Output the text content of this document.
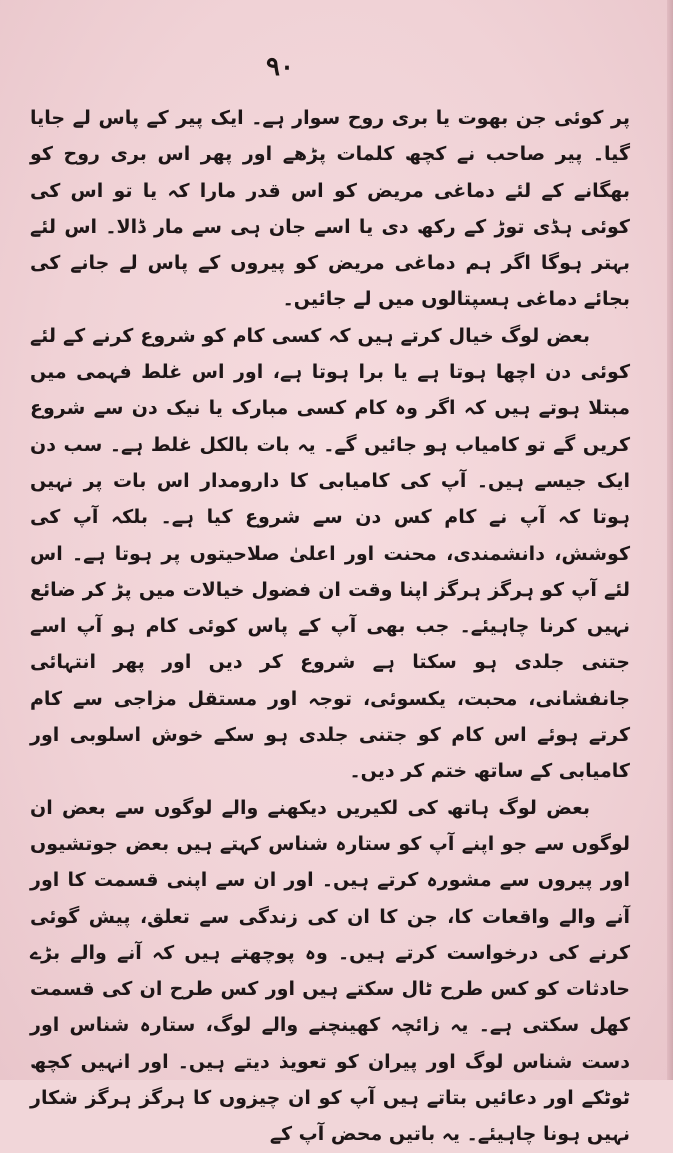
۹۰

پر کوئی جن بھوت یا بری روح سوار ہے۔ ایک پیر کے پاس لے جایا گیا۔ پیر صاحب نے کچھ کلمات پڑھے اور پھر اس بری روح کو بھگانے کے لئے دماغی مریض کو اس قدر مارا کہ یا تو اس کی کوئی ہڈی توڑ کے رکھ دی یا اسے جان ہی سے مار ڈالا۔ اس لئے بہتر ہوگا اگر ہم دماغی مریض کو پیروں کے پاس لے جانے کی بجائے دماغی ہسپتالوں میں لے جائیں۔

بعض لوگ خیال کرتے ہیں کہ کسی کام کو شروع کرنے کے لئے کوئی دن اچھا ہوتا ہے یا برا ہوتا ہے، اور اس غلط فہمی میں مبتلا ہوتے ہیں کہ اگر وہ کام کسی مبارک یا نیک دن سے شروع کریں گے تو کامیاب ہو جائیں گے۔ یہ بات بالکل غلط ہے۔ سب دن ایک جیسے ہیں۔ آپ کی کامیابی کا دارومدار اس بات پر نہیں ہوتا کہ آپ نے کام کس دن سے شروع کیا ہے۔ بلکہ آپ کی کوشش، دانشمندی، محنت اور اعلیٰ صلاحیتوں پر ہوتا ہے۔ اس لئے آپ کو ہرگز ہرگز اپنا وقت ان فضول خیالات میں پڑ کر ضائع نہیں کرنا چاہیئے۔ جب بھی آپ کے پاس کوئی کام ہو آپ اسے جتنی جلدی ہو سکتا ہے شروع کر دیں اور پھر انتہائی جانفشانی، محبت، یکسوئی، توجہ اور مستقل مزاجی سے کام کرتے ہوئے اس کام کو جتنی جلدی ہو سکے خوش اسلوبی اور کامیابی کے ساتھ ختم کر دیں۔

بعض لوگ ہاتھ کی لکیریں دیکھنے والے لوگوں سے بعض ان لوگوں سے جو اپنے آپ کو ستارہ شناس کہتے ہیں بعض جوتشیوں اور پیروں سے مشورہ کرتے ہیں۔ اور ان سے اپنی قسمت کا اور آنے والے واقعات کا، جن کا ان کی زندگی سے تعلق، پیش گوئی کرنے کی درخواست کرتے ہیں۔ وہ پوچھتے ہیں کہ آنے والے بڑے حادثات کو کس طرح ٹال سکتے ہیں اور کس طرح ان کی قسمت کھل سکتی ہے۔ یہ زائچہ کھینچنے والے لوگ، ستارہ شناس اور دست شناس لوگ اور پیران کو تعویذ دیتے ہیں۔ اور انہیں کچھ ٹوٹکے اور دعائیں بتاتے ہیں آپ کو ان چیزوں کا ہرگز ہرگز شکار نہیں ہونا چاہیئے۔ یہ باتیں محض آپ کے
